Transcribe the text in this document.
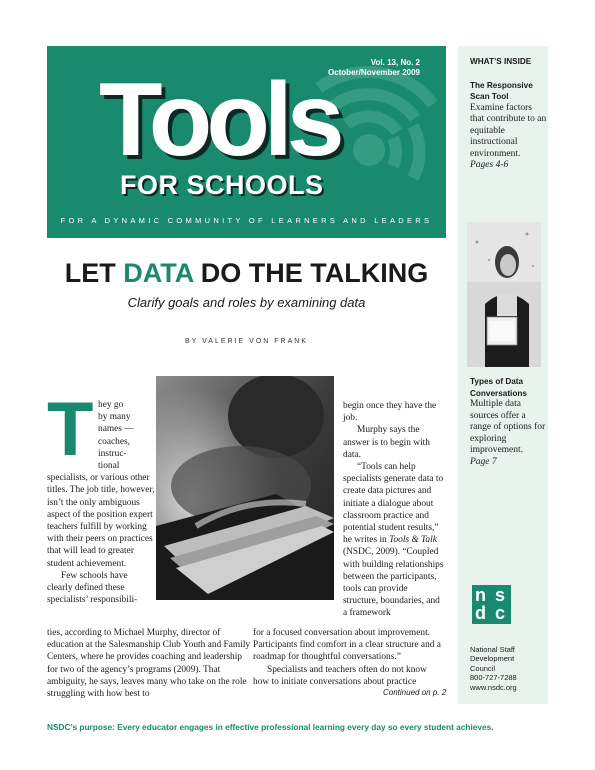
Vol. 13, No. 2
October/November 2009
Tools
FOR SCHOOLS
FOR A DYNAMIC COMMUNITY OF LEARNERS AND LEADERS
LET DATA DO THE TALKING
Clarify goals and roles by examining data
BY VALERIE VON FRANK
T hey go
by many
names —
coaches,
instruc-
tional

specialists, or various other titles. The job title, however, isn’t the only ambiguous aspect of the position expert teachers fulfill by working with their peers on practices that will lead to greater student achievement.

Few schools have clearly defined these specialists’ responsibili-

begin once they have the job.

Murphy says the answer is to begin with data.

“Tools can help specialists generate data to create data pictures and initiate a dialogue about classroom practice and potential student results,” he writes in Tools & Talk (NSDC, 2009). “Coupled with building relationships between the participants, tools can provide structure, boundaries, and a framework

ties, according to Michael Murphy, director of education at the Salesmanship Club Youth and Family Centers, where he provides coaching and leadership for two of the agency’s programs (2009). That ambiguity, he says, leaves many who take on the role struggling with how best to

for a focused conversation about improvement. Participants find comfort in a clear structure and a roadmap for thoughtful conversations.”

Specialists and teachers often do not know how to initiate conversations about practice

Continued on p. 2

WHAT’S INSIDE

The Responsive Scan Tool

Examine factors that contribute to an equitable instructional environment.

Pages 4-6

Types of Data Conversations

Multiple data sources offer a range of options for exploring improvement.

Page 7

n s
d c
National Staff
Development
Council
800-727-7288
www.nsdc.org
NSDC’s purpose: Every educator engages in effective professional learning every day so every student achieves.
